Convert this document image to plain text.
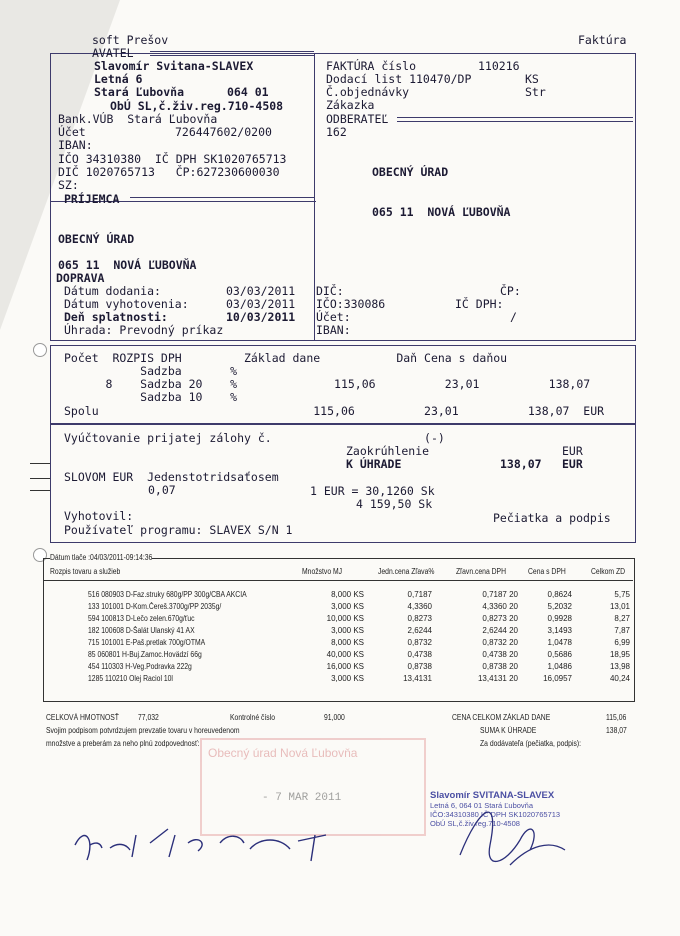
soft Prešov	Faktúra
AVATEL
Slavomír Svitana-SLAVEX
Letná 6
Stará Ľubovňa	064 01
ObÚ SL,č.živ.reg.710-4508
Bank.VÚB  Stará Ľubovňa
Účet	726447602/0200
IBAN:
IČO 34310380  IČ DPH SK1020765713
DIČ 1020765713   ČP:627230600030
SZ:
PRÍJEMCA
OBECNÝ ÚRAD
065 11  NOVÁ ĽUBOVŇA
DOPRAVA
Dátum dodania:	03/03/2011
Dátum vyhotovenia:	03/03/2011
Deň splatnosti:	10/03/2011
Úhrada: Prevodný príkaz
FAKTÚRA číslo	110216
Dodací list 110470/DP	KS
Č.objednávky	Str
Zákazka
ODBERATEĽ
162
OBECNÝ ÚRAD
065 11  NOVÁ ĽUBOVŇA
DIČ:	ČP:
IČO:330086	IČ DPH:
Účet:	/
IBAN:
Počet  ROZPIS DPH         Základ dane           Daň Cena s daňou
Sadzba       %
8    Sadzba 20    %              115,06          23,01          138,07
Sadzba 10    %
Spolu                               115,06          23,01          138,07  EUR
Vyúčtovanie prijatej zálohy č.                      (-)
Zaokrúhlenie	EUR
K ÚHRADE	138,07 EUR
SLOVOM EUR  Jedenstotridsaťosem
0,07	1 EUR = 30,1260 Sk
4 159,50 Sk
Vyhotovil:	Pečiatka a podpis
Používateľ programu: SLAVEX S/N 1
Dátum tlače :04/03/2011-09:14:36
Rozpis tovaru a služieb	Množstvo MJ	Jedn.cena Zľava%	Zľavn.cena DPH	Cena s DPH	Celkom ZD
516 080903 D-Faz.struky 680g/PP 300g/CBA AKCIA	8,000 KS	0,7187	0,7187 20	0,8624	5,75
133 101001 D-Kom.Čereš.3700g/PP 2035g/	3,000 KS	4,3360	4,3360 20	5,2032	13,01
594 100813 D-Lečo zelen.670g/ťuc	10,000 KS	0,8273	0,8273 20	0,9928	8,27
182 100608 D-Šalát Ulanský 41 AX	3,000 KS	2,6244	2,6244 20	3,1493	7,87
715 101001 E-Paš.pretlak 700g/OTMA	8,000 KS	0,8732	0,8732 20	1,0478	6,99
85 060801 H-Buj.Zamoc.Hovädzí 66g	40,000 KS	0,4738	0,4738 20	0,5686	18,95
454 110303 H-Veg.Podravka 222g	16,000 KS	0,8738	0,8738 20	1,0486	13,98
1285 110210 Olej Raciol 10l	3,000 KS	13,4131	13,4131 20	16,0957	40,24
CELKOVÁ HMOTNOSŤ 77,032	Kontrolné číslo	91,000	CENA CELKOM ZÁKLAD DANE	115,06
Svojim podpisom potvrdzujem prevzatie tovaru v horeuvedenom	SUMA K ÚHRADE	138,07
množstve a preberám za neho plnú zodpovednosť:	Za dodávateľa (pečiatka, podpis):
Obecný úrad Nová Ľubovňa
- 7 MAR 2011	Slavomír SVITANA-SLAVEX
Letná 6, 064 01 Stará Ľubovňa
IČO:34310380 IČ DPH SK1020765713
ObÚ SL,č.živ.reg.710-4508
